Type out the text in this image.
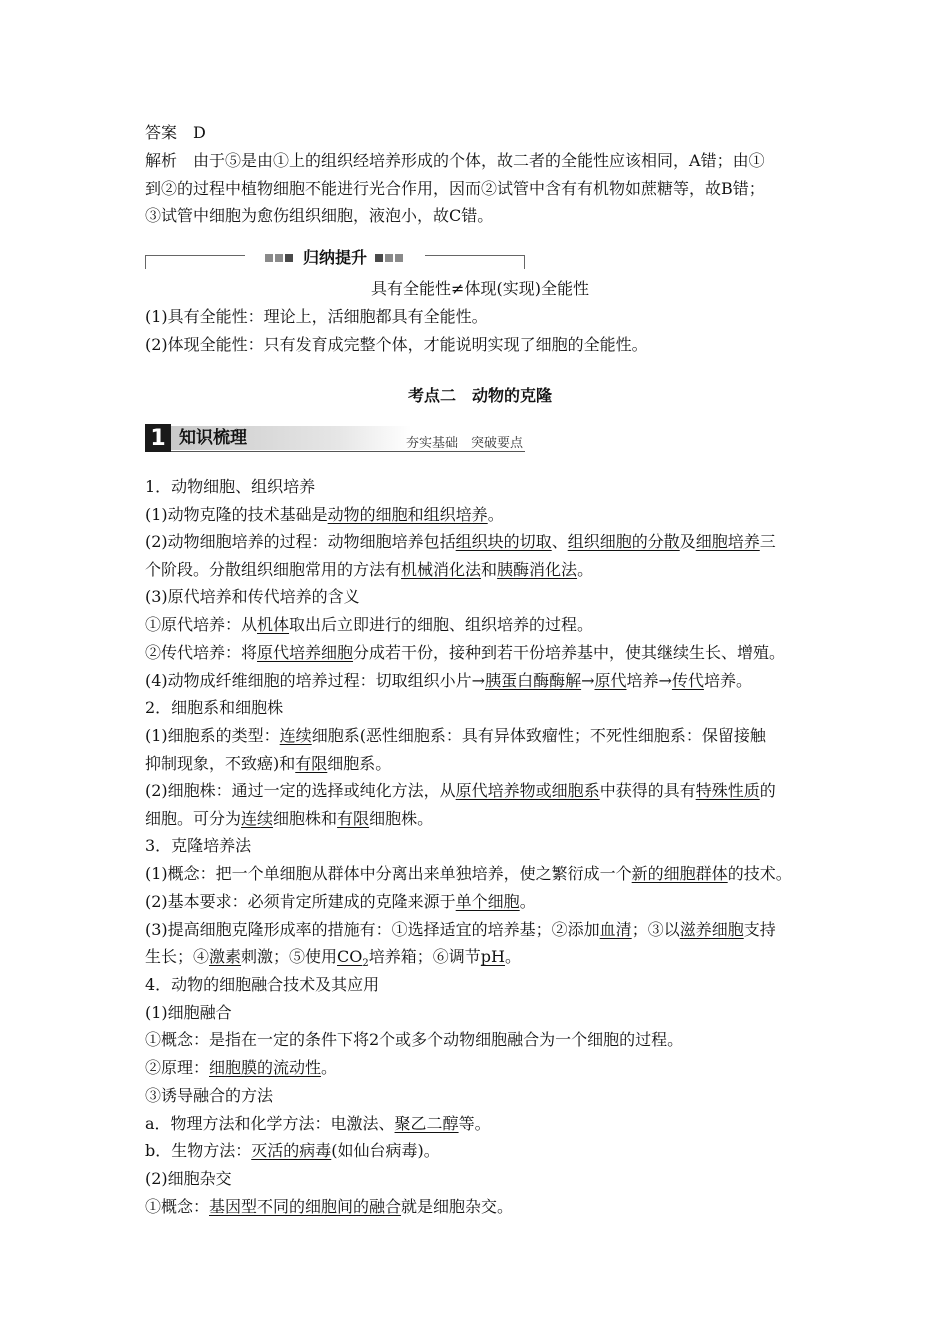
答案　 D
解析　 由于⑤是由①上的组织经培养形成的个体，故二者的全能性应该相同，A错；由①
到②的过程中植物细胞不能进行光合作用，因而②试管中含有有机物如蔗糖等，故B错；
③试管中细胞为愈伤组织细胞，液泡小，故C错。
归纳提升
具有全能性≠体现(实现)全能性
(1)具有全能性：理论上，活细胞都具有全能性。
(2)体现全能性：只有发育成完整个体，才能说明实现了细胞的全能性。
考点二　动物的克隆
1 知识梳理	夯实基础　突破要点
1．动物细胞、组织培养
(1)动物克隆的技术基础是动物的细胞和组织培养。
(2)动物细胞培养的过程：动物细胞培养包括组织块的切取、组织细胞的分散及细胞培养三
个阶段。分散组织细胞常用的方法有机械消化法和胰酶消化法。
(3)原代培养和传代培养的含义
①原代培养：从机体取出后立即进行的细胞、组织培养的过程。
②传代培养：将原代培养细胞分成若干份，接种到若干份培养基中，使其继续生长、增殖。
(4)动物成纤维细胞的培养过程：切取组织小片→胰蛋白酶酶解→原代培养→传代培养。
2．细胞系和细胞株
(1)细胞系的类型：连续细胞系(恶性细胞系：具有异体致瘤性；不死性细胞系：保留接触
抑制现象，不致癌)和有限细胞系。
(2)细胞株：通过一定的选择或纯化方法，从原代培养物或细胞系中获得的具有特殊性质的
细胞。可分为连续细胞株和有限细胞株。
3．克隆培养法
(1)概念：把一个单细胞从群体中分离出来单独培养，使之繁衍成一个新的细胞群体的技术。
(2)基本要求：必须肯定所建成的克隆来源于单个细胞。
(3)提高细胞克隆形成率的措施有：①选择适宜的培养基；②添加血清；③以滋养细胞支持
生长；④激素刺激；⑤使用$CO_2$培养箱；⑥调节pH。
4．动物的细胞融合技术及其应用
(1)细胞融合
①概念：是指在一定的条件下将2个或多个动物细胞融合为一个细胞的过程。
②原理：细胞膜的流动性。
③诱导融合的方法
a．物理方法和化学方法：电激法、聚乙二醇等。
b．生物方法：灭活的病毒(如仙台病毒)。
(2)细胞杂交
①概念：基因型不同的细胞间的融合就是细胞杂交。
